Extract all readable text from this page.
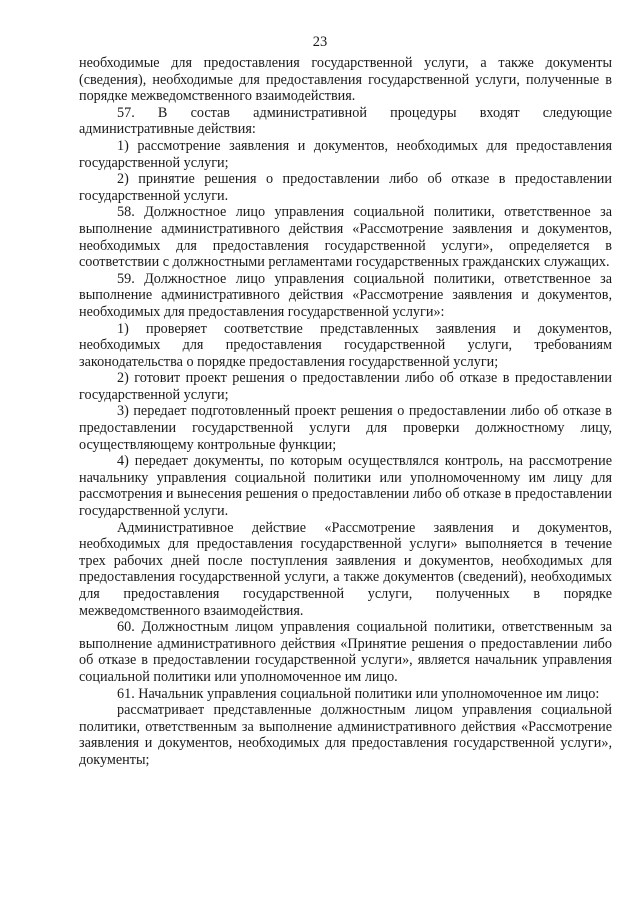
23

необходимые для предоставления государственной услуги, а также документы (сведения), необходимые для предоставления государственной услуги, полученные в порядке межведомственного взаимодействия.

57. В состав административной процедуры входят следующие административные действия:

1) рассмотрение заявления и документов, необходимых для предоставления государственной услуги;

2) принятие решения о предоставлении либо об отказе в предоставлении государственной услуги.

58. Должностное лицо управления социальной политики, ответственное за выполнение административного действия «Рассмотрение заявления и документов, необходимых для предоставления государственной услуги», определяется в соответствии с должностными регламентами государственных гражданских служащих.

59. Должностное лицо управления социальной политики, ответственное за выполнение административного действия «Рассмотрение заявления и документов, необходимых для предоставления государственной услуги»:

1) проверяет соответствие представленных заявления и документов, необходимых для предоставления государственной услуги, требованиям законодательства о порядке предоставления государственной услуги;

2) готовит проект решения о предоставлении либо об отказе в предоставлении государственной услуги;

3) передает подготовленный проект решения о предоставлении либо об отказе в предоставлении государственной услуги для проверки должностному лицу, осуществляющему контрольные функции;

4) передает документы, по которым осуществлялся контроль, на рассмотрение начальнику управления социальной политики или уполномоченному им лицу для рассмотрения и вынесения решения о предоставлении либо об отказе в предоставлении государственной услуги.

Административное действие «Рассмотрение заявления и документов, необходимых для предоставления государственной услуги» выполняется в течение трех рабочих дней после поступления заявления и документов, необходимых для предоставления государственной услуги, а также документов (сведений), необходимых для предоставления государственной услуги, полученных в порядке межведомственного взаимодействия.

60. Должностным лицом управления социальной политики, ответственным за выполнение административного действия «Принятие решения о предоставлении либо об отказе в предоставлении государственной услуги», является начальник управления социальной политики или уполномоченное им лицо.

61. Начальник управления социальной политики или уполномоченное им лицо:

рассматривает представленные должностным лицом управления социальной политики, ответственным за выполнение административного действия «Рассмотрение заявления и документов, необходимых для предоставления государственной услуги», документы;
